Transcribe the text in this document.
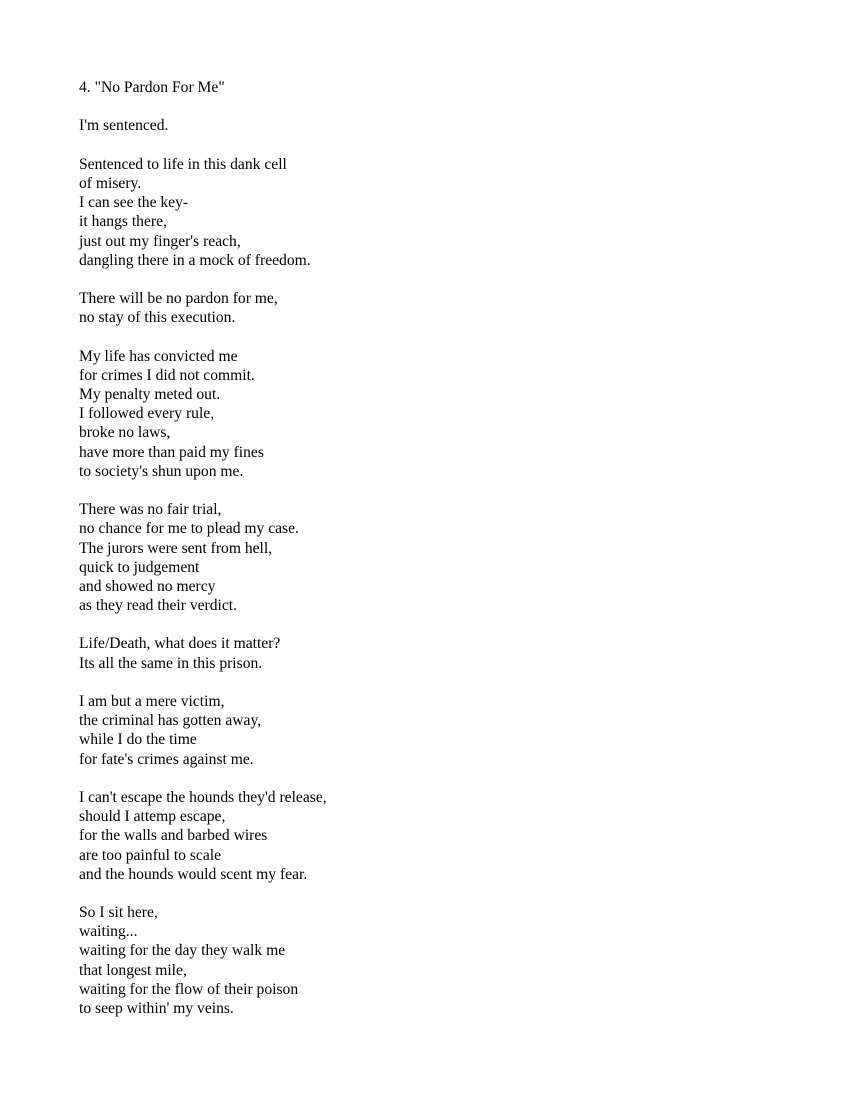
4. "No Pardon For Me"
I'm sentenced.
Sentenced to life in this dank cell
of misery.
I can see the key-
it hangs there,
just out my finger's reach,
dangling there in a mock of freedom.
There will be no pardon for me,
no stay of this execution.
My life has convicted me
for crimes I did not commit.
My penalty meted out.
I followed every rule,
broke no laws,
have more than paid my fines
to society's shun upon me.
There was no fair trial,
no chance for me to plead my case.
The jurors were sent from hell,
quick to judgement
and showed no mercy
as they read their verdict.
Life/Death, what does it matter?
Its all the same in this prison.
I am but a mere victim,
the criminal has gotten away,
while I do the time
for fate's crimes against me.
I can't escape the hounds they'd release,
should I attemp escape,
for the walls and barbed wires
are too painful to scale
and the hounds would scent my fear.
So I sit here,
waiting...
waiting for the day they walk me
that longest mile,
waiting for the flow of their poison
to seep within' my veins.
